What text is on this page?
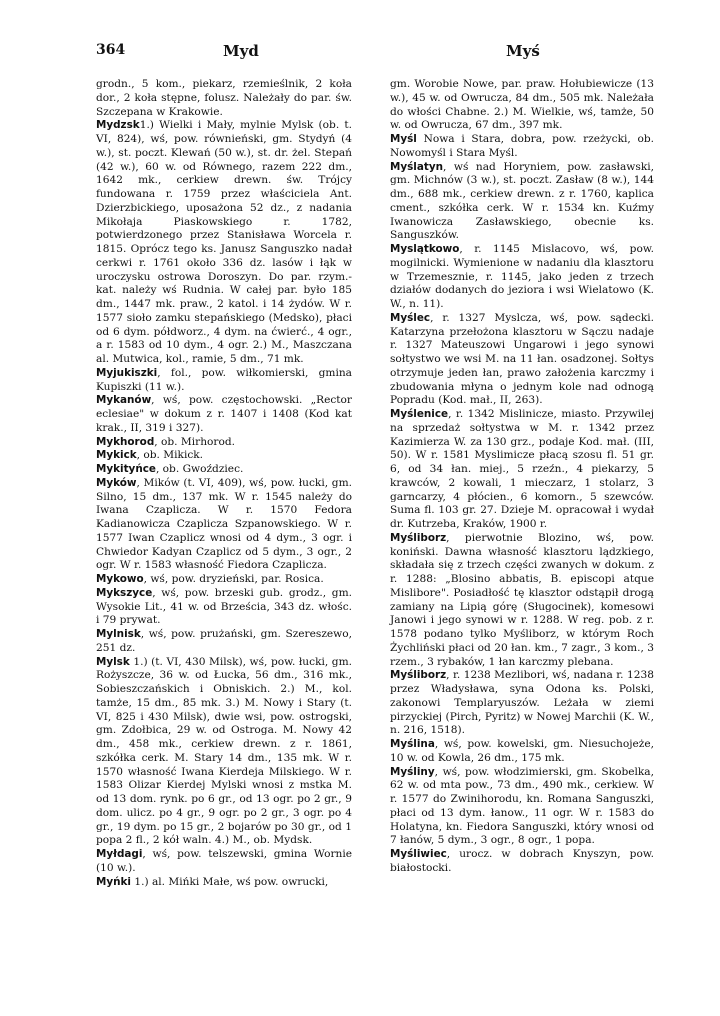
364	Myd	Myś

grodn., 5 kom., piekarz, rzemieślnik, 2 koła dor., 2 koła stępne, folusz. Należały do par. św. Szczepana w Krakowie.

Mydzsk1.) Wielki i Mały, mylnie Mylsk (ob. t. VI, 824), wś, pow. równieński, gm. Stydyń (4 w.), st. poczt. Klewań (50 w.), st. dr. żel. Stepań (42 w.), 60 w. od Równego, razem 222 dm., 1642 mk., cerkiew drewn. św. Trójcy fundowana r. 1759 przez właściciela Ant. Dzierzbickiego, uposażona 52 dz., z nadania Mikołaja Piaskowskiego r. 1782, potwierdzonego przez Stanisława Worcela r. 1815. Oprócz tego ks. Janusz Sanguszko nadał cerkwi r. 1761 około 336 dz. lasów i łąk w uroczysku ostrowa Doroszyn. Do par. rzym.-kat. należy wś Rudnia. W całej par. było 185 dm., 1447 mk. praw., 2 katol. i 14 żydów. W r. 1577 sioło zamku stepańskiego (Medsko), płaci od 6 dym. półdworz., 4 dym. na ćwierć., 4 ogr., a r. 1583 od 10 dym., 4 ogr. 2.) M., Maszczana al. Mutwica, kol., ramie, 5 dm., 71 mk.

Myjukiszki, fol., pow. wiłkomierski, gmina Kupiszki (11 w.).

Mykanów, wś, pow. częstochowski. „Rector eclesiae" w dokum z r. 1407 i 1408 (Kod kat krak., II, 319 i 327).

Mykhorod, ob. Mirhorod.

Mykick, ob. Mikick.

Mykityńce, ob. Gwoździec.

Myków, Mików (t. VI, 409), wś, pow. łucki, gm. Silno, 15 dm., 137 mk. W r. 1545 należy do Iwana Czaplicza. W r. 1570 Fedora Kadianowicza Czaplicza Szpanowskiego. W r. 1577 Iwan Czaplicz wnosi od 4 dym., 3 ogr. i Chwiedor Kadyan Czaplicz od 5 dym., 3 ogr., 2 ogr. W r. 1583 własność Fiedora Czaplicza.

Mykowo, wś, pow. dryzieński, par. Rosica.

Mykszyce, wś, pow. brzeski gub. grodz., gm. Wysokie Lit., 41 w. od Brześcia, 343 dz. włośc. i 79 prywat.

Mylnisk, wś, pow. prużański, gm. Szereszewo, 251 dz.

Mylsk 1.) (t. VI, 430 Milsk), wś, pow. łucki, gm. Rożyszcze, 36 w. od Łucka, 56 dm., 316 mk., Sobieszczańskich i Obniskich. 2.) M., kol. tamże, 15 dm., 85 mk. 3.) M. Nowy i Stary (t. VI, 825 i 430 Milsk), dwie wsi, pow. ostrogski, gm. Zdołbica, 29 w. od Ostroga. M. Nowy 42 dm., 458 mk., cerkiew drewn. z r. 1861, szkółka cerk. M. Stary 14 dm., 135 mk. W r. 1570 własność Iwana Kierdeja Milskiego. W r. 1583 Olizar Kierdej Mylski wnosi z mstka M. od 13 dom. rynk. po 6 gr., od 13 ogr. po 2 gr., 9 dom. ulicz. po 4 gr., 9 ogr. po 2 gr., 3 ogr. po 4 gr., 19 dym. po 15 gr., 2 bojarów po 30 gr., od 1 popa 2 fl., 2 kół waln. 4.) M., ob. Mydsk.

Myłdagi, wś, pow. telszewski, gmina Wornie (10 w.).

Myńki 1.) al. Mińki Małe, wś pow. owrucki,

gm. Worobie Nowe, par. praw. Hołubiewicze (13 w.), 45 w. od Owrucza, 84 dm., 505 mk. Należała do włości Chabne. 2.) M. Wielkie, wś, tamże, 50 w. od Owrucza, 67 dm., 397 mk.

Myśl Nowa i Stara, dobra, pow. rzeżycki, ob. Nowomyśl i Stara Myśl.

Myślatyn, wś nad Horyniem, pow. zasławski, gm. Michnów (3 w.), st. poczt. Zasław (8 w.), 144 dm., 688 mk., cerkiew drewn. z r. 1760, kaplica cment., szkółka cerk. W r. 1534 kn. Kuźmy Iwanowicza Zasławskiego, obecnie ks. Sanguszków.

Myslątkowo, r. 1145 Mislacovo, wś, pow. mogilnicki. Wymienione w nadaniu dla klasztoru w Trzemesznie, r. 1145, jako jeden z trzech działów dodanych do jeziora i wsi Wielatowo (K. W., n. 11).

Myślec, r. 1327 Myslcza, wś, pow. sądecki. Katarzyna przełożona klasztoru w Sączu nadaje r. 1327 Mateuszowi Ungarowi i jego synowi sołtystwo we wsi M. na 11 łan. osadzonej. Sołtys otrzymuje jeden łan, prawo założenia karczmy i zbudowania młyna o jednym kole nad odnogą Popradu (Kod. mał., II, 263).

Myślenice, r. 1342 Mislinicze, miasto. Przywilej na sprzedaż sołtystwa w M. r. 1342 przez Kazimierza W. za 130 grz., podaje Kod. mał. (III, 50). W r. 1581 Myslimicze płacą szosu fl. 51 gr. 6, od 34 łan. miej., 5 rzeźn., 4 piekarzy, 5 krawców, 2 kowali, 1 mieczarz, 1 stolarz, 3 garncarzy, 4 płócien., 6 komorn., 5 szewców. Suma fl. 103 gr. 27. Dzieje M. opracował i wydał dr. Kutrzeba, Kraków, 1900 r.

Myśliborz, pierwotnie Blozino, wś, pow. koniński. Dawna własność klasztoru lądzkiego, składała się z trzech części zwanych w dokum. z r. 1288: „Blosino abbatis, B. episcopi atque Mislibore". Posiadłość tę klasztor odstąpił drogą zamiany na Lipią górę (Sługocinek), komesowi Janowi i jego synowi w r. 1288. W reg. pob. z r. 1578 podano tylko Myśliborz, w którym Roch Żychliński płaci od 20 łan. km., 7 zagr., 3 kom., 3 rzem., 3 rybaków, 1 łan karczmy plebana.

Myśliborz, r. 1238 Mezlibori, wś, nadana r. 1238 przez Władysława, syna Odona ks. Polski, zakonowi Templaryuszów. Leżała w ziemi pirzyckiej (Pirch, Pyritz) w Nowej Marchii (K. W., n. 216, 1518).

Myślina, wś, pow. kowelski, gm. Niesuchojeże, 10 w. od Kowla, 26 dm., 175 mk.

Myśliny, wś, pow. włodzimierski, gm. Skobelka, 62 w. od mta pow., 73 dm., 490 mk., cerkiew. W r. 1577 do Zwinihorodu, kn. Romana Sanguszki, płaci od 13 dym. łanow., 11 ogr. W r. 1583 do Holatyna, kn. Fiedora Sanguszki, który wnosi od 7 łanów, 5 dym., 3 ogr., 8 ogr., 1 popa.

Myśliwiec, urocz. w dobrach Knyszyn, pow. białostocki.
